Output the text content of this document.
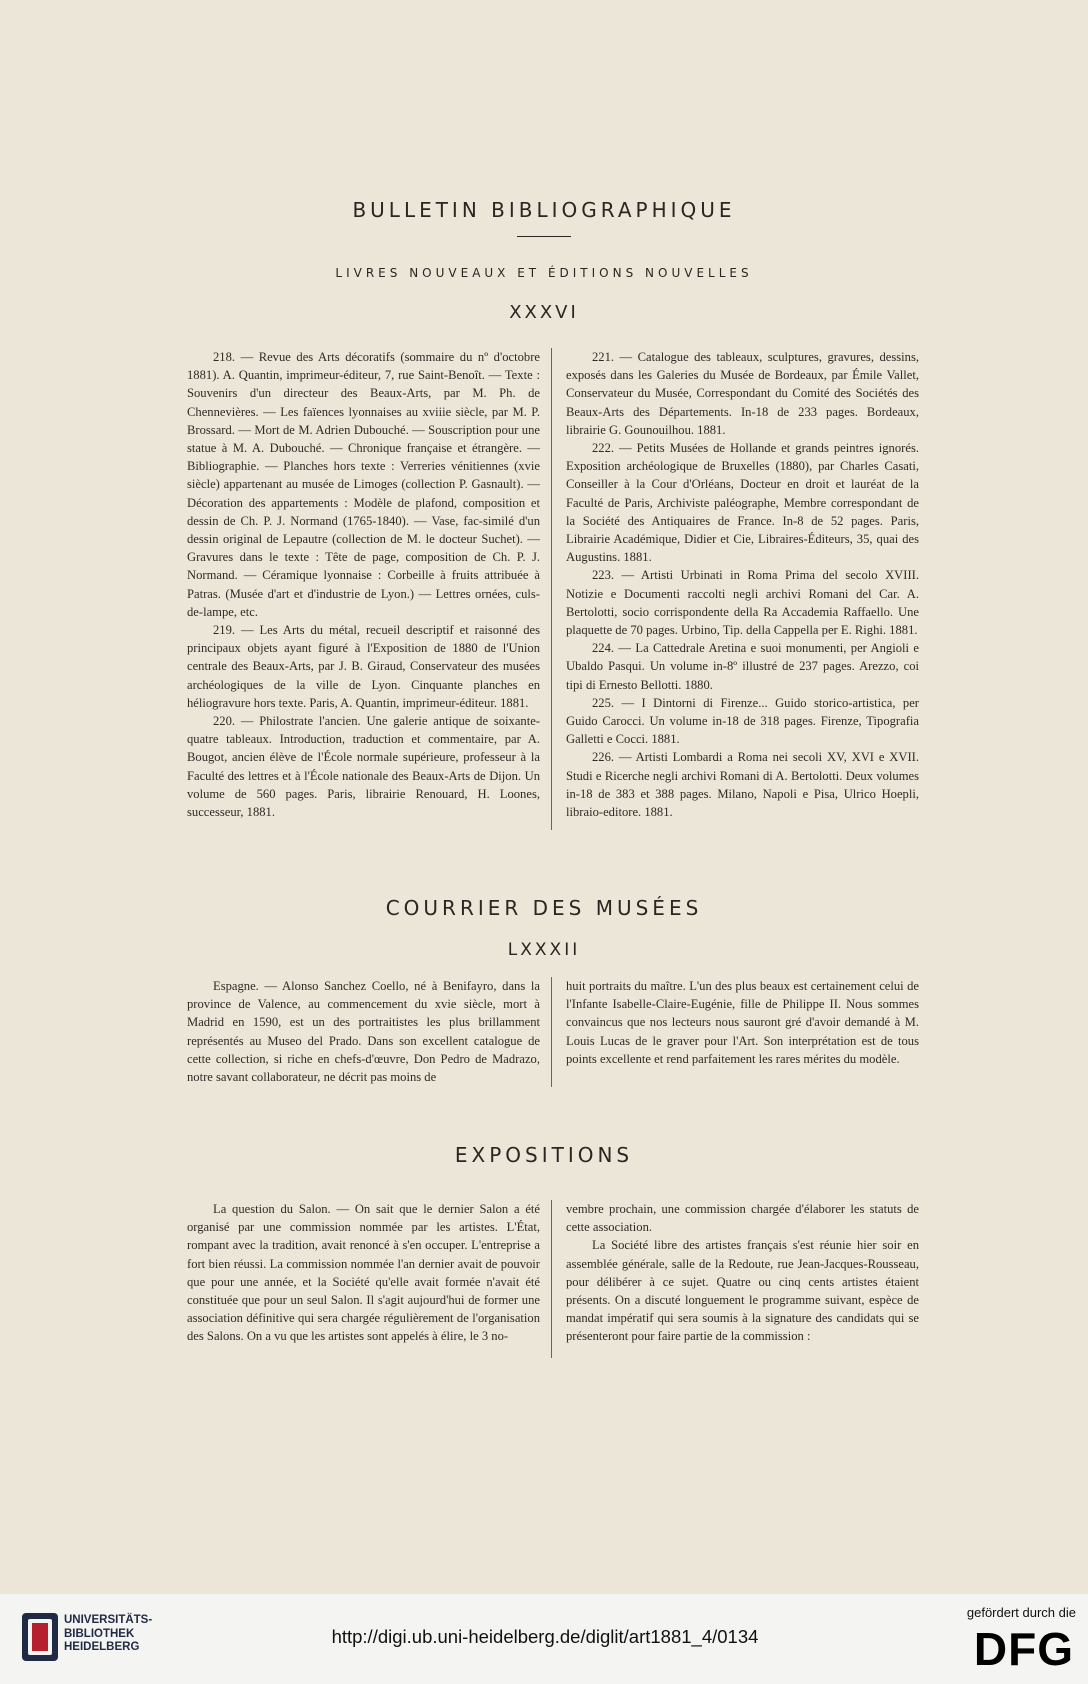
BULLETIN BIBLIOGRAPHIQUE
LIVRES NOUVEAUX ET ÉDITIONS NOUVELLES
XXXVI

218. — Revue des Arts décoratifs (sommaire du nº d'octobre 1881). A. Quantin, imprimeur-éditeur, 7, rue Saint-Benoît. — Texte : Souvenirs d'un directeur des Beaux-Arts, par M. Ph. de Chennevières. — Les faïences lyonnaises au xviiie siècle, par M. P. Brossard. — Mort de M. Adrien Dubouché. — Souscription pour une statue à M. A. Dubouché. — Chronique française et étrangère. — Bibliographie. — Planches hors texte : Verreries vénitiennes (xvie siècle) appartenant au musée de Limoges (collection P. Gasnault). — Décoration des appartements : Modèle de plafond, composition et dessin de Ch. P. J. Normand (1765-1840). — Vase, fac-similé d'un dessin original de Lepautre (collection de M. le docteur Suchet). — Gravures dans le texte : Tête de page, composition de Ch. P. J. Normand. — Céramique lyonnaise : Corbeille à fruits attribuée à Patras. (Musée d'art et d'industrie de Lyon.) — Lettres ornées, culs-de-lampe, etc.

219. — Les Arts du métal, recueil descriptif et raisonné des principaux objets ayant figuré à l'Exposition de 1880 de l'Union centrale des Beaux-Arts, par J. B. Giraud, Conservateur des musées archéologiques de la ville de Lyon. Cinquante planches en héliogravure hors texte. Paris, A. Quantin, imprimeur-éditeur. 1881.

220. — Philostrate l'ancien. Une galerie antique de soixante-quatre tableaux. Introduction, traduction et commentaire, par A. Bougot, ancien élève de l'École normale supérieure, professeur à la Faculté des lettres et à l'École nationale des Beaux-Arts de Dijon. Un volume de 560 pages. Paris, librairie Renouard, H. Loones, successeur, 1881.

221. — Catalogue des tableaux, sculptures, gravures, dessins, exposés dans les Galeries du Musée de Bordeaux, par Émile Vallet, Conservateur du Musée, Correspondant du Comité des Sociétés des Beaux-Arts des Départements. In-18 de 233 pages. Bordeaux, librairie G. Gounouilhou. 1881.

222. — Petits Musées de Hollande et grands peintres ignorés. Exposition archéologique de Bruxelles (1880), par Charles Casati, Conseiller à la Cour d'Orléans, Docteur en droit et lauréat de la Faculté de Paris, Archiviste paléographe, Membre correspondant de la Société des Antiquaires de France. In-8 de 52 pages. Paris, Librairie Académique, Didier et Cie, Libraires-Éditeurs, 35, quai des Augustins. 1881.

223. — Artisti Urbinati in Roma Prima del secolo XVIII. Notizie e Documenti raccolti negli archivi Romani del Car. A. Bertolotti, socio corrispondente della Ra Accademia Raffaello. Une plaquette de 70 pages. Urbino, Tip. della Cappella per E. Righi. 1881.

224. — La Cattedrale Aretina e suoi monumenti, per Angioli e Ubaldo Pasqui. Un volume in-8º illustré de 237 pages. Arezzo, coi tipi di Ernesto Bellotti. 1880.

225. — I Dintorni di Firenze... Guido storico-artistica, per Guido Carocci. Un volume in-18 de 318 pages. Firenze, Tipografia Galletti e Cocci. 1881.

226. — Artisti Lombardi a Roma nei secoli XV, XVI e XVII. Studi e Ricerche negli archivi Romani di A. Bertolotti. Deux volumes in-18 de 383 et 388 pages. Milano, Napoli e Pisa, Ulrico Hoepli, libraio-editore. 1881.

COURRIER DES MUSÉES
LXXXII

Espagne. — Alonso Sanchez Coello, né à Benifayro, dans la province de Valence, au commencement du xvie siècle, mort à Madrid en 1590, est un des portraitistes les plus brillamment représentés au Museo del Prado. Dans son excellent catalogue de cette collection, si riche en chefs-d'œuvre, Don Pedro de Madrazo, notre savant collaborateur, ne décrit pas moins de

huit portraits du maître. L'un des plus beaux est certainement celui de l'Infante Isabelle-Claire-Eugénie, fille de Philippe II. Nous sommes convaincus que nos lecteurs nous sauront gré d'avoir demandé à M. Louis Lucas de le graver pour l'Art. Son interprétation est de tous points excellente et rend parfaitement les rares mérites du modèle.

EXPOSITIONS

La question du Salon. — On sait que le dernier Salon a été organisé par une commission nommée par les artistes. L'État, rompant avec la tradition, avait renoncé à s'en occuper. L'entreprise a fort bien réussi. La commission nommée l'an dernier avait de pouvoir que pour une année, et la Société qu'elle avait formée n'avait été constituée que pour un seul Salon. Il s'agit aujourd'hui de former une association définitive qui sera chargée régulièrement de l'organisation des Salons. On a vu que les artistes sont appelés à élire, le 3 no-

vembre prochain, une commission chargée d'élaborer les statuts de cette association.

La Société libre des artistes français s'est réunie hier soir en assemblée générale, salle de la Redoute, rue Jean-Jacques-Rousseau, pour délibérer à ce sujet. Quatre ou cinq cents artistes étaient présents. On a discuté longuement le programme suivant, espèce de mandat impératif qui sera soumis à la signature des candidats qui se présenteront pour faire partie de la commission :

UNIVERSITÄTS-
BIBLIOTHEK
HEIDELBERG	http://digi.ub.uni-heidelberg.de/diglit/art1881_4/0134
gefördert durch die
DFG
